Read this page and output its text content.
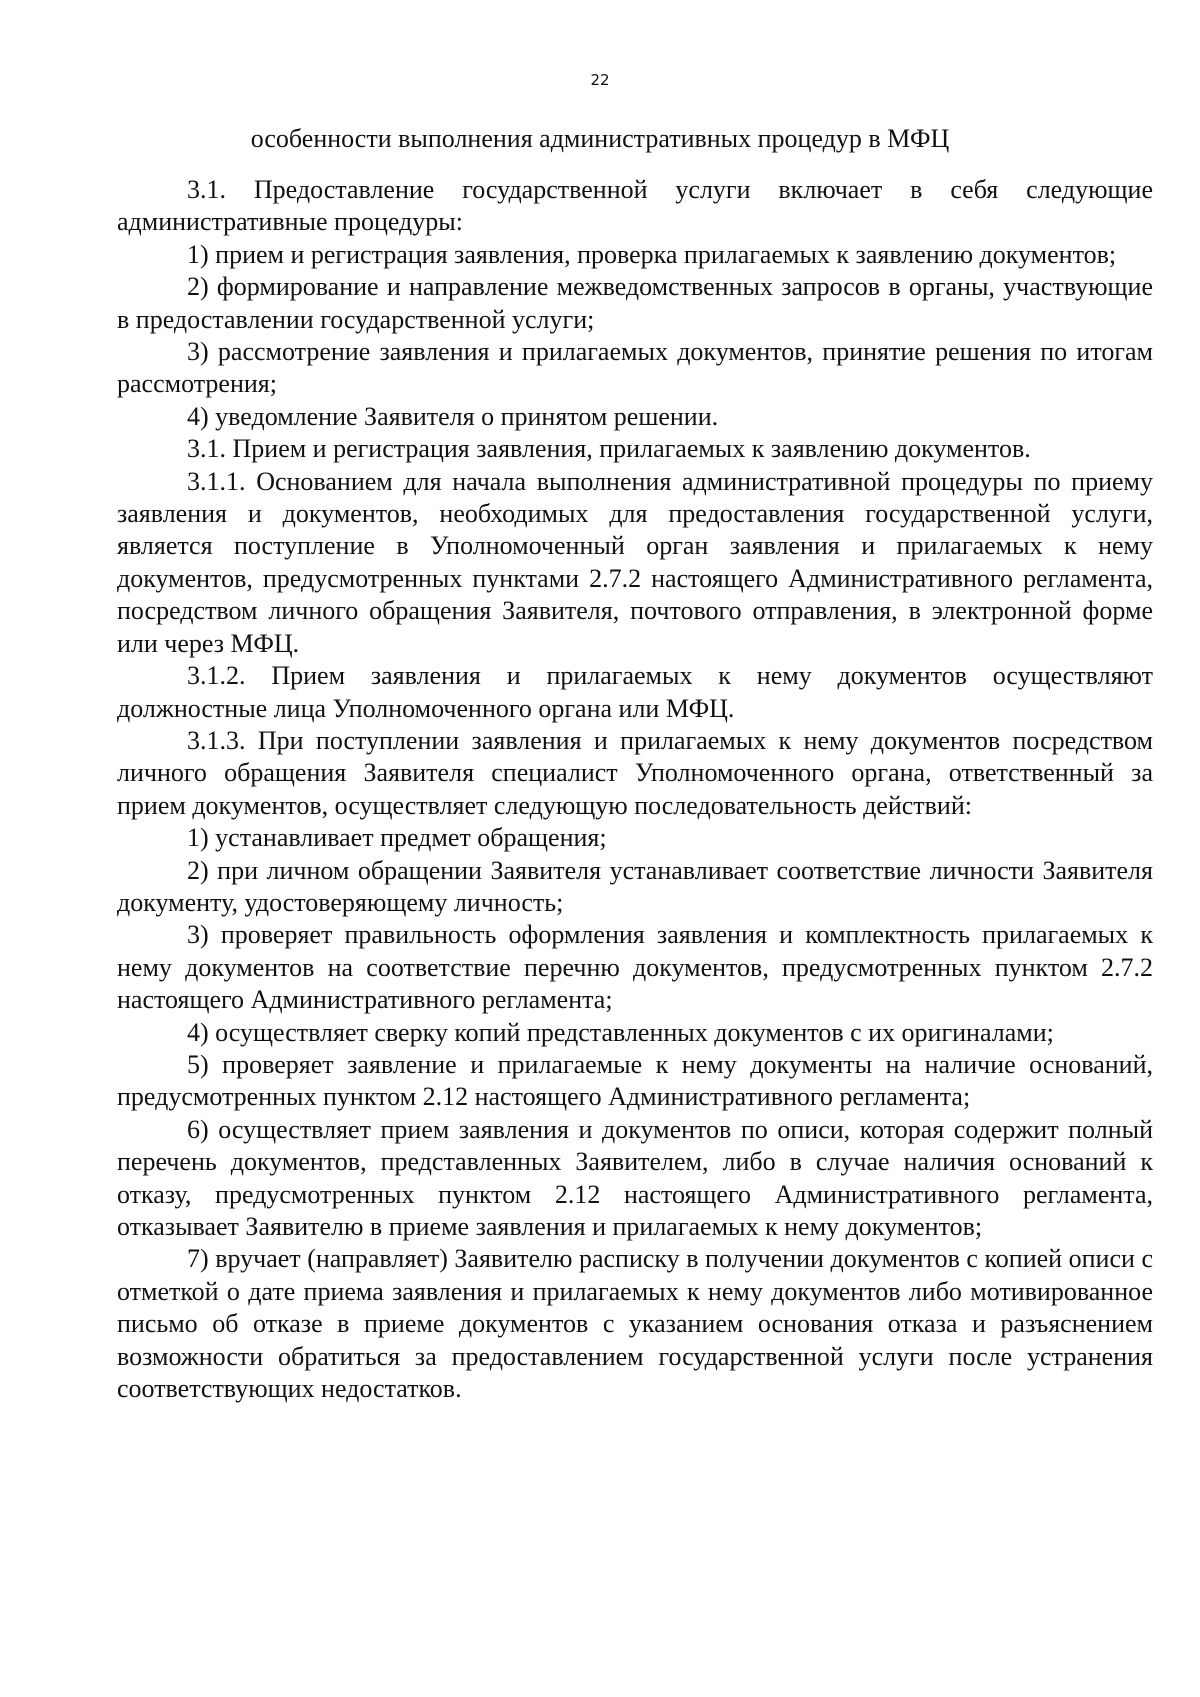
22
особенности выполнения административных процедур в МФЦ

3.1. Предоставление государственной услуги включает в себя следующие административные процедуры:

1) прием и регистрация заявления, проверка прилагаемых к заявлению документов;

2) формирование и направление межведомственных запросов в органы, участвующие в предоставлении государственной услуги;

3) рассмотрение заявления и прилагаемых документов, принятие решения по итогам рассмотрения;

4) уведомление Заявителя о принятом решении.

3.1. Прием и регистрация заявления, прилагаемых к заявлению документов.

3.1.1. Основанием для начала выполнения административной процедуры по приему заявления и документов, необходимых для предоставления государственной услуги, является поступление в Уполномоченный орган заявления и прилагаемых к нему документов, предусмотренных пунктами 2.7.2 настоящего Административного регламента, посредством личного обращения Заявителя, почтового отправления, в электронной форме или через МФЦ.

3.1.2. Прием заявления и прилагаемых к нему документов осуществляют должностные лица Уполномоченного органа или МФЦ.

3.1.3. При поступлении заявления и прилагаемых к нему документов посредством личного обращения Заявителя специалист Уполномоченного органа, ответственный за прием документов, осуществляет следующую последовательность действий:

1) устанавливает предмет обращения;

2) при личном обращении Заявителя устанавливает соответствие личности Заявителя документу, удостоверяющему личность;

3) проверяет правильность оформления заявления и комплектность прилагаемых к нему документов на соответствие перечню документов, предусмотренных пунктом 2.7.2 настоящего Административного регламента;

4) осуществляет сверку копий представленных документов с их оригиналами;

5) проверяет заявление и прилагаемые к нему документы на наличие оснований, предусмотренных пунктом 2.12 настоящего Административного регламента;

6) осуществляет прием заявления и документов по описи, которая содержит полный перечень документов, представленных Заявителем, либо в случае наличия оснований к отказу, предусмотренных пунктом 2.12 настоящего Административного регламента, отказывает Заявителю в приеме заявления и прилагаемых к нему документов;

7) вручает (направляет) Заявителю расписку в получении документов с копией описи с отметкой о дате приема заявления и прилагаемых к нему документов либо мотивированное письмо об отказе в приеме документов с указанием основания отказа и разъяснением возможности обратиться за предоставлением государственной услуги после устранения соответствующих недостатков.
